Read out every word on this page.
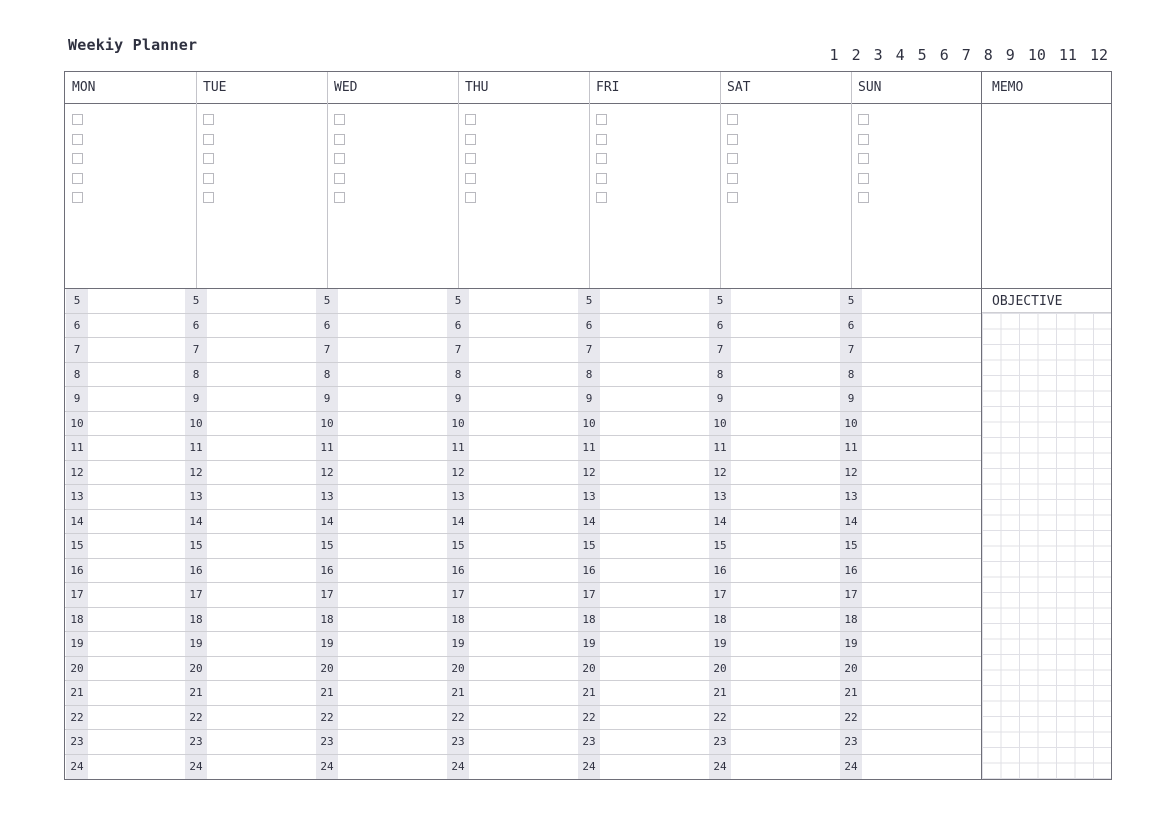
Weekiy Planner
1 2 3 4 5 6 7 8 9 10 11 12
MON	TUE	WED	THU	FRI	SAT	SUN	MEMO
5	5	5	5	5	5	5
6	6	6	6	6	6	6
7	7	7	7	7	7	7
8	8	8	8	8	8	8
9	9	9	9	9	9	9
10	10	10	10	10	10	10
11	11	11	11	11	11	11
12	12	12	12	12	12	12
13	13	13	13	13	13	13
14	14	14	14	14	14	14
15	15	15	15	15	15	15
16	16	16	16	16	16	16
17	17	17	17	17	17	17
18	18	18	18	18	18	18
19	19	19	19	19	19	19
20	20	20	20	20	20	20
21	21	21	21	21	21	21
22	22	22	22	22	22	22
23	23	23	23	23	23	23
24	24	24	24	24	24	24
OBJECTIVE
